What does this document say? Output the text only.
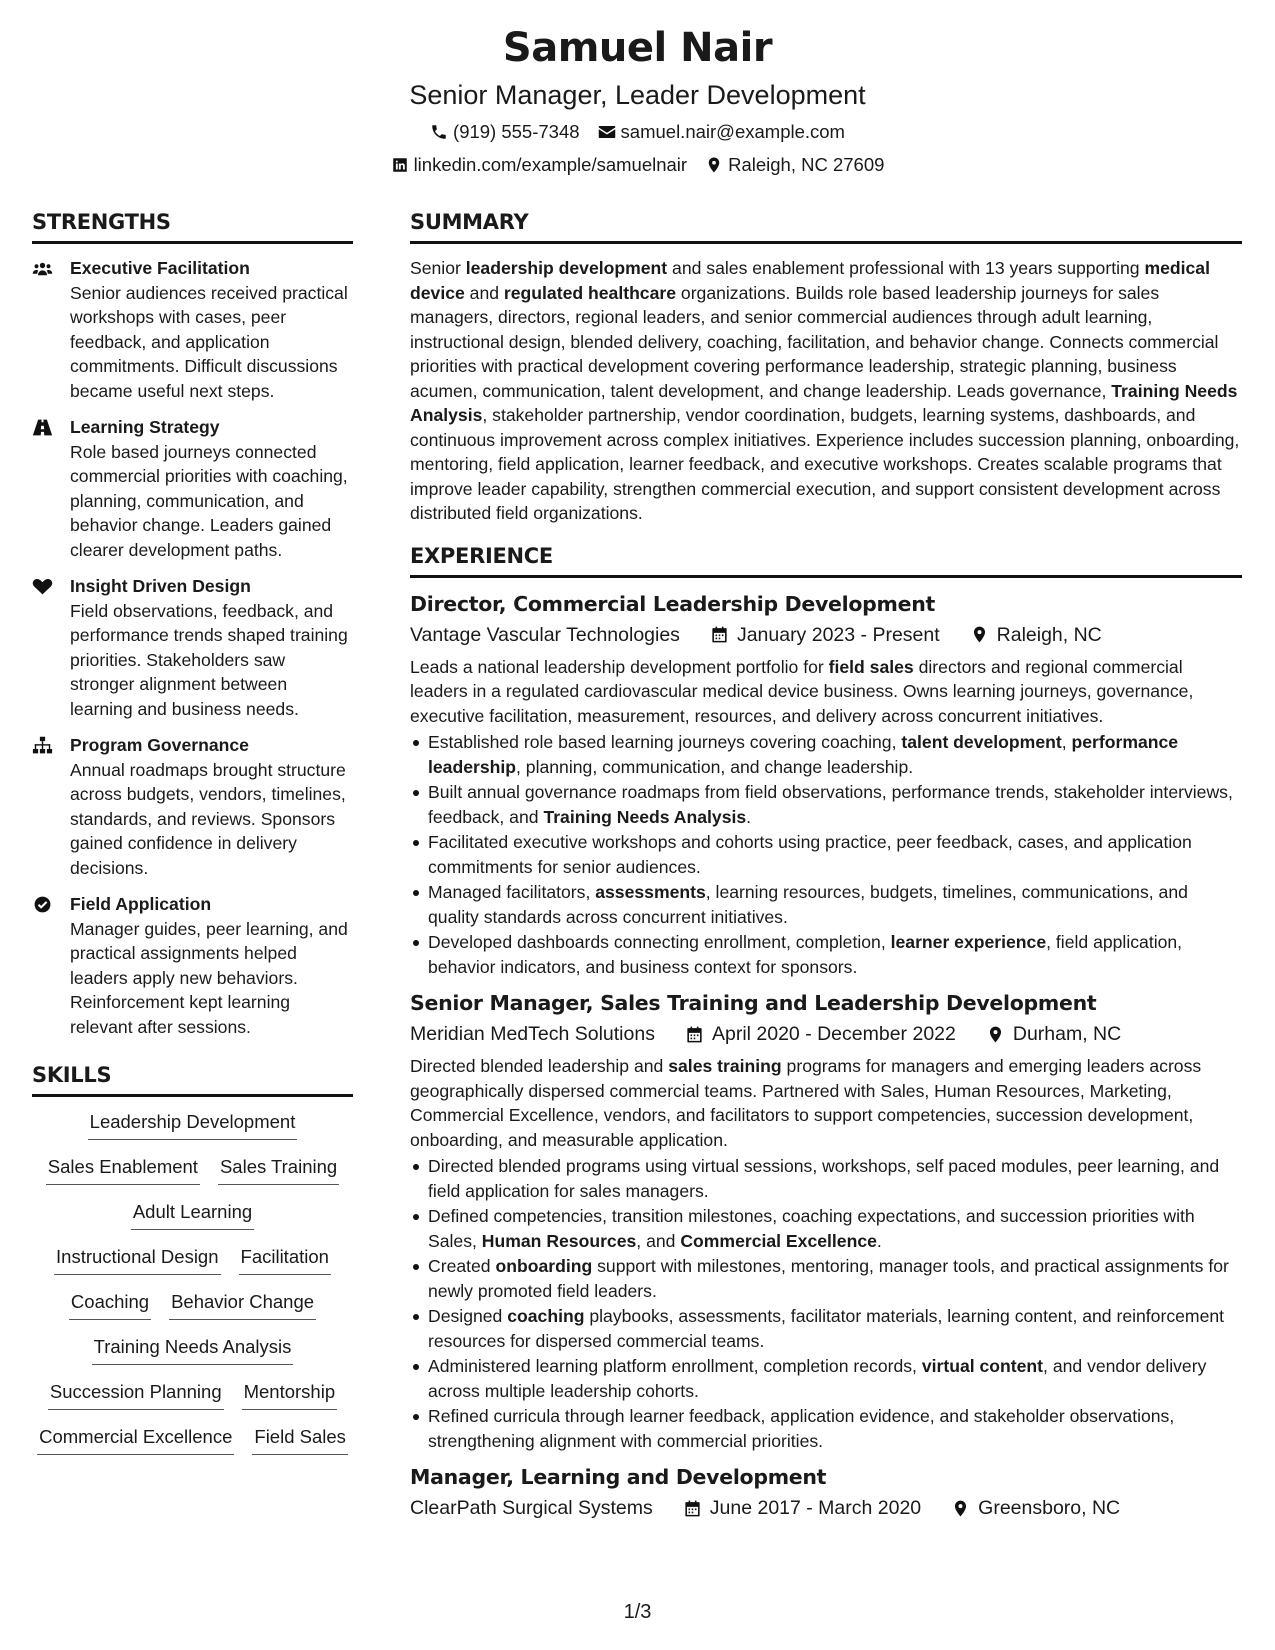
Samuel Nair
Senior Manager, Leader Development
(919) 555-7348 samuel.nair@example.com
linkedin.com/example/samuelnair Raleigh, NC 27609
STRENGTHS
Executive Facilitation
Senior audiences received practical workshops with cases, peer feedback, and application commitments. Difficult discussions became useful next steps.
Learning Strategy
Role based journeys connected commercial priorities with coaching, planning, communication, and behavior change. Leaders gained clearer development paths.
Insight Driven Design
Field observations, feedback, and performance trends shaped training priorities. Stakeholders saw stronger alignment between learning and business needs.
Program Governance
Annual roadmaps brought structure across budgets, vendors, timelines, standards, and reviews. Sponsors gained confidence in delivery decisions.
Field Application
Manager guides, peer learning, and practical assignments helped leaders apply new behaviors. Reinforcement kept learning relevant after sessions.
SKILLS
Leadership Development
Sales Enablement Sales Training
Adult Learning
Instructional Design Facilitation
Coaching Behavior Change
Training Needs Analysis
Succession Planning Mentorship
Commercial Excellence Field Sales
SUMMARY
Senior leadership development and sales enablement professional with 13 years supporting medical device and regulated healthcare organizations. Builds role based leadership journeys for sales managers, directors, regional leaders, and senior commercial audiences through adult learning, instructional design, blended delivery, coaching, facilitation, and behavior change. Connects commercial priorities with practical development covering performance leadership, strategic planning, business acumen, communication, talent development, and change leadership. Leads governance, Training Needs Analysis, stakeholder partnership, vendor coordination, budgets, learning systems, dashboards, and continuous improvement across complex initiatives. Experience includes succession planning, onboarding, mentoring, field application, learner feedback, and executive workshops. Creates scalable programs that improve leader capability, strengthen commercial execution, and support consistent development across distributed field organizations.
EXPERIENCE
Director, Commercial Leadership Development
Vantage Vascular Technologies	January 2023 - Present	Raleigh, NC
Leads a national leadership development portfolio for field sales directors and regional commercial leaders in a regulated cardiovascular medical device business. Owns learning journeys, governance, executive facilitation, measurement, resources, and delivery across concurrent initiatives.
Established role based learning journeys covering coaching, talent development, performance leadership, planning, communication, and change leadership.
Built annual governance roadmaps from field observations, performance trends, stakeholder interviews, feedback, and Training Needs Analysis.
Facilitated executive workshops and cohorts using practice, peer feedback, cases, and application commitments for senior audiences.
Managed facilitators, assessments, learning resources, budgets, timelines, communications, and quality standards across concurrent initiatives.
Developed dashboards connecting enrollment, completion, learner experience, field application, behavior indicators, and business context for sponsors.
Senior Manager, Sales Training and Leadership Development
Meridian MedTech Solutions	April 2020 - December 2022	Durham, NC
Directed blended leadership and sales training programs for managers and emerging leaders across geographically dispersed commercial teams. Partnered with Sales, Human Resources, Marketing, Commercial Excellence, vendors, and facilitators to support competencies, succession development, onboarding, and measurable application.
Directed blended programs using virtual sessions, workshops, self paced modules, peer learning, and field application for sales managers.
Defined competencies, transition milestones, coaching expectations, and succession priorities with Sales, Human Resources, and Commercial Excellence.
Created onboarding support with milestones, mentoring, manager tools, and practical assignments for newly promoted field leaders.
Designed coaching playbooks, assessments, facilitator materials, learning content, and reinforcement resources for dispersed commercial teams.
Administered learning platform enrollment, completion records, virtual content, and vendor delivery across multiple leadership cohorts.
Refined curricula through learner feedback, application evidence, and stakeholder observations, strengthening alignment with commercial priorities.
Manager, Learning and Development
ClearPath Surgical Systems	June 2017 - March 2020	Greensboro, NC
1/3
